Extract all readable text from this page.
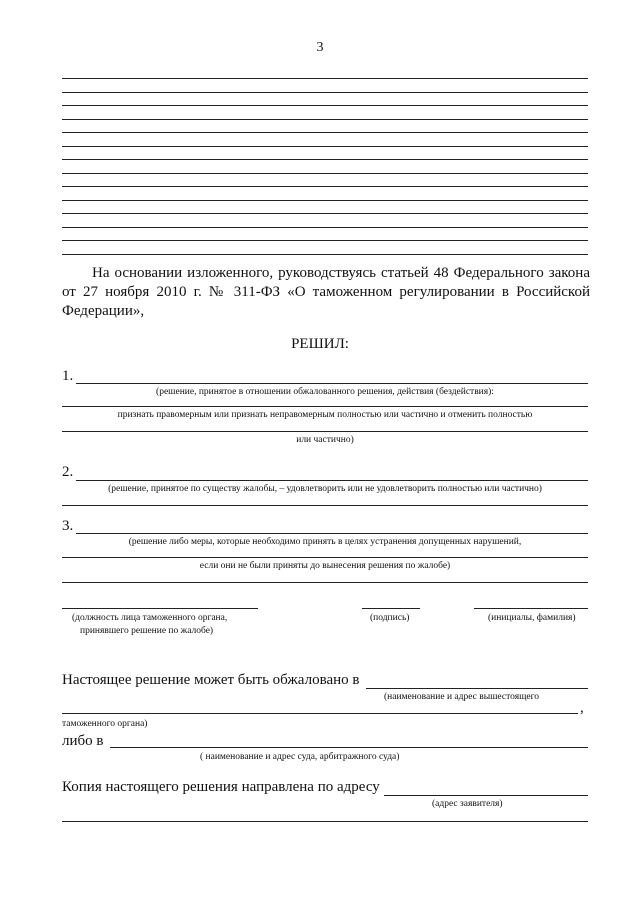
3

На основании изложенного, руководствуясь статьей 48 Федерального закона от 27 ноября 2010 г. № 311-ФЗ «О таможенном регулировании в Российской Федерации»,

РЕШИЛ:
1.
(решение, принятое в отношении обжалованного решения, действия (бездействия):
признать правомерным или признать неправомерным полностью или частично и отменить полностью
или частично)
2.
(решение, принятое по существу жалобы, – удовлетворить или не удовлетворить полностью или частично)
3.
(решение либо меры, которые необходимо принять в целях устранения допущенных нарушений,
если они не были приняты до вынесения решения по жалобе)
(должность лица таможенного органа,
принявшего решение по жалобе)
(подпись)	(инициалы, фамилия)
Настоящее решение может быть обжаловано в
(наименование и адрес вышестоящего
,
таможенного органа)
либо в
( наименование и адрес суда, арбитражного суда)
Копия настоящего решения направлена по адресу
(адрес заявителя)
